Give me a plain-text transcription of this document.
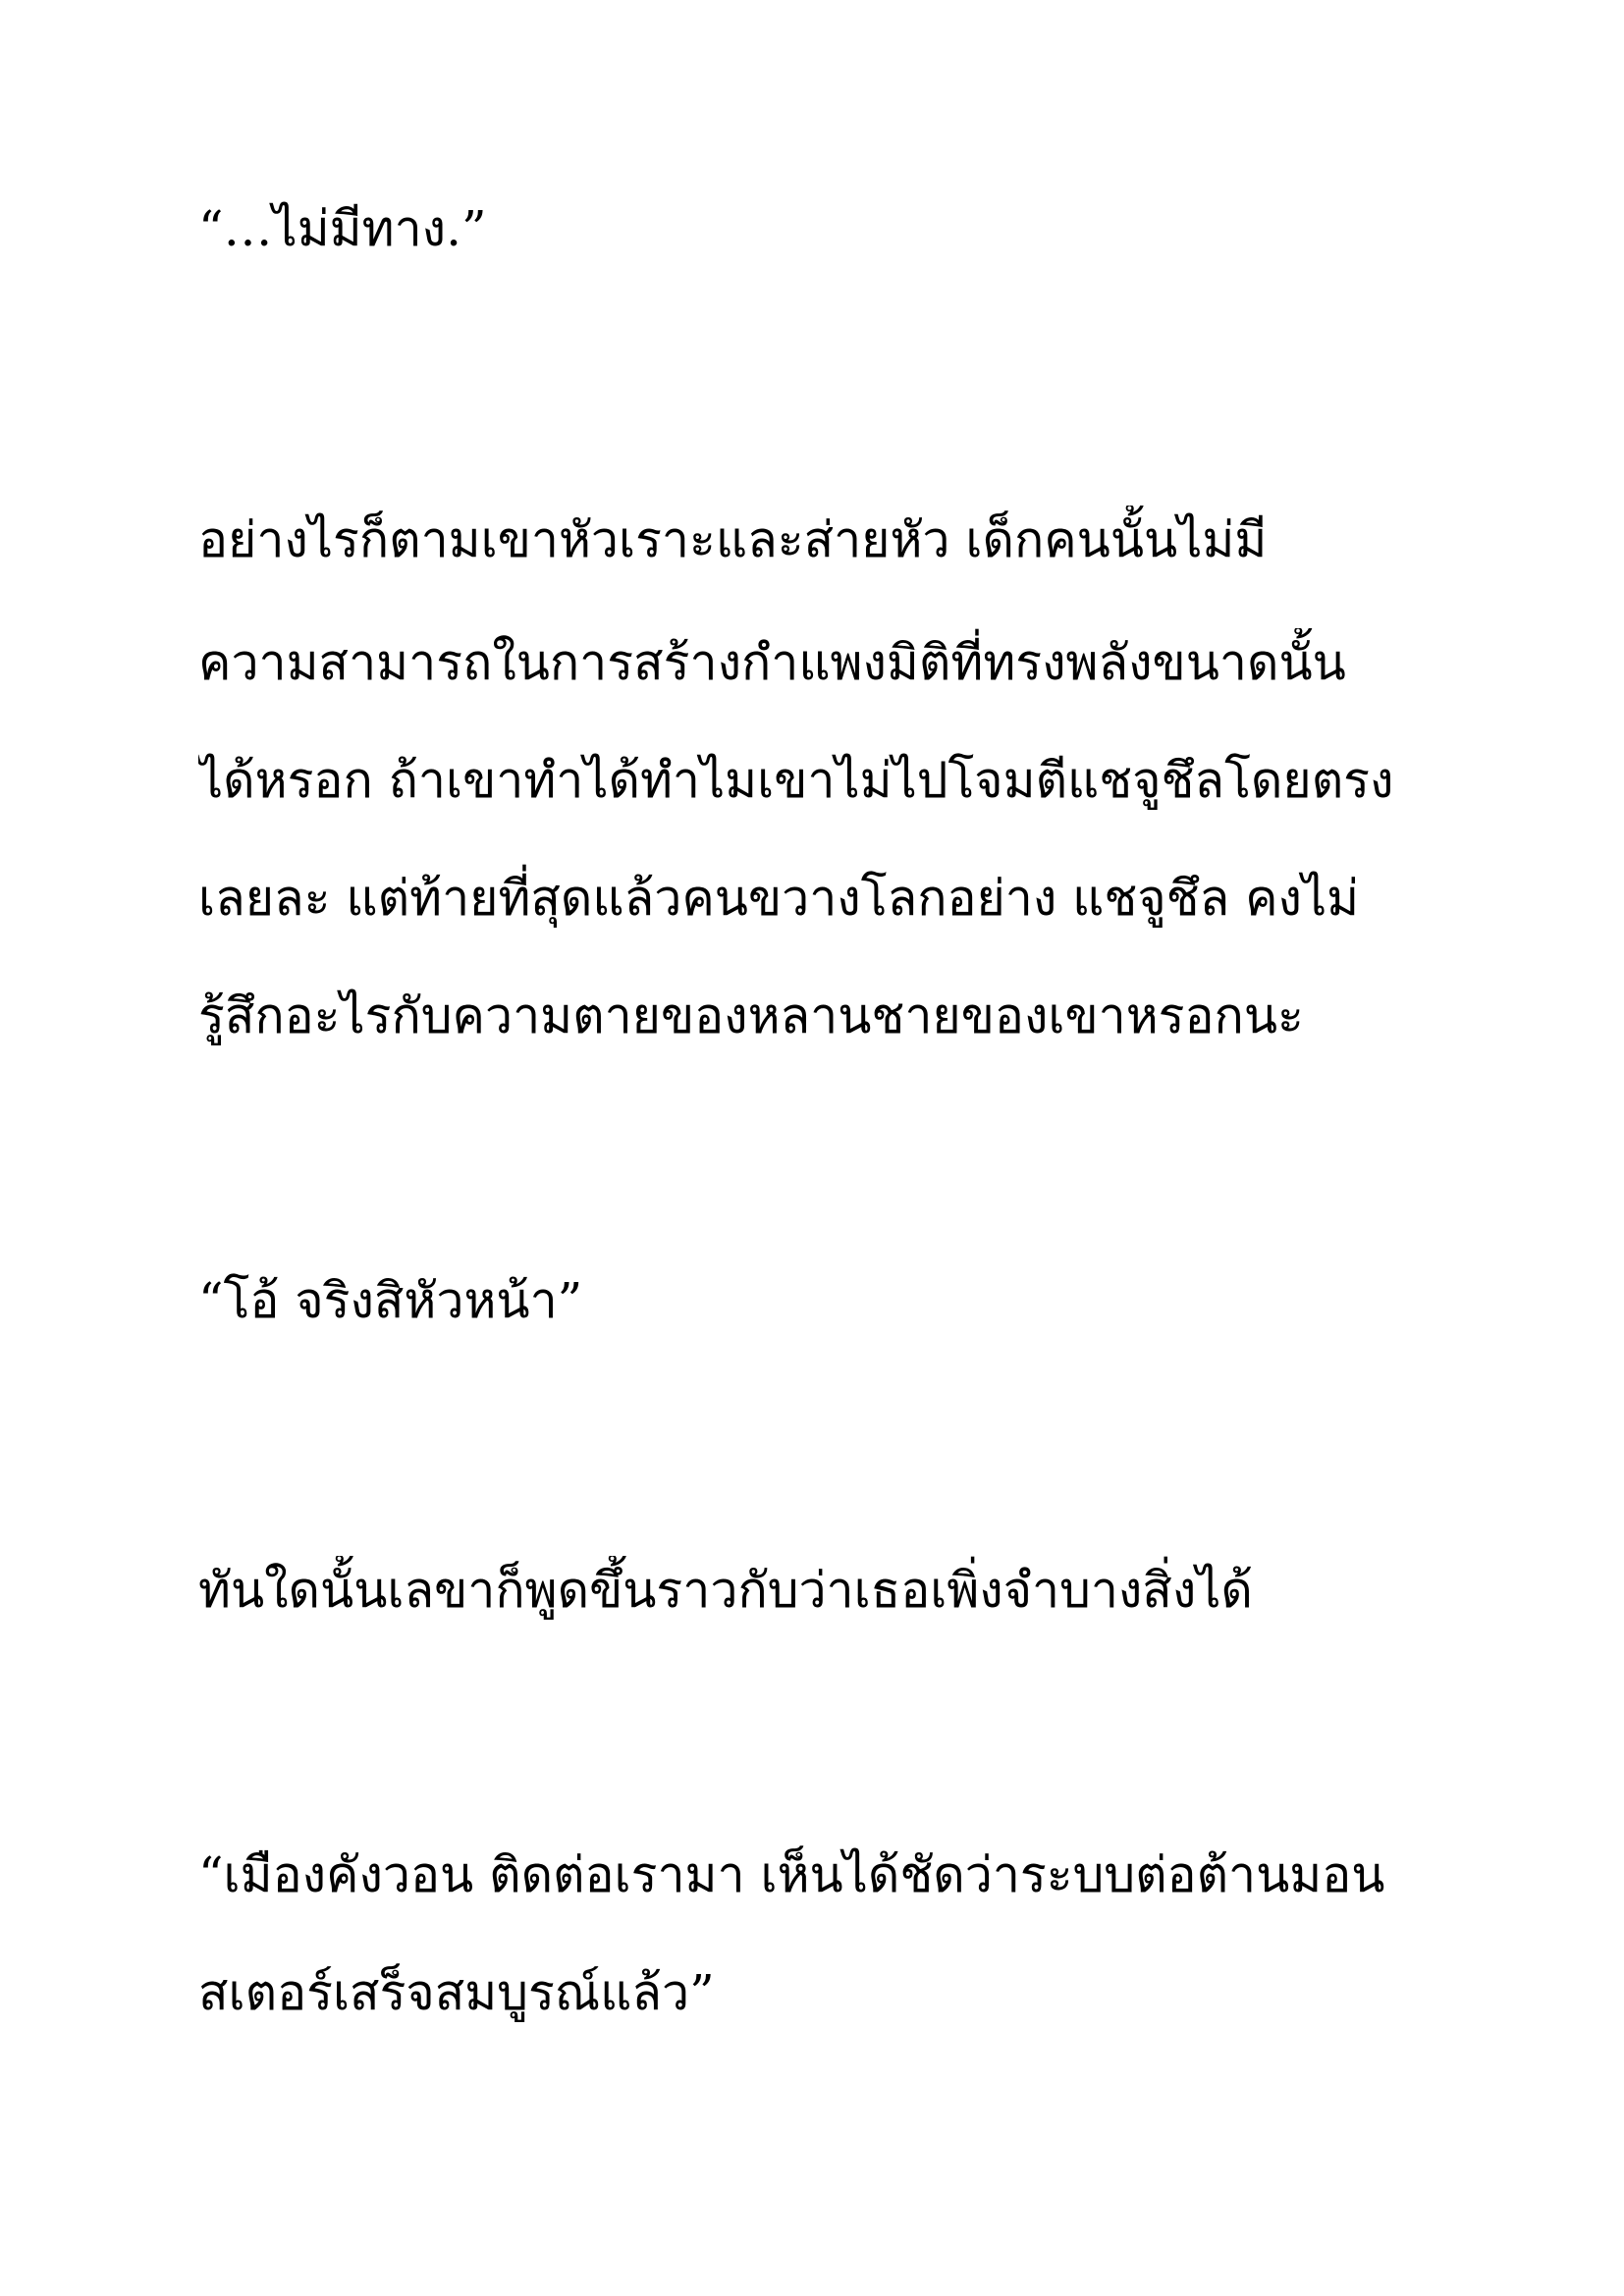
“…ไม่มีทาง.”
อย่างไรก็ตามเขาหัวเราะและส่ายหัว เด็กคนนั้นไม่มี
ความสามารถในการสร้างกำแพงมิติที่ทรงพลังขนาดนั้น
ได้หรอก ถ้าเขาทำได้ทำไมเขาไม่ไปโจมตีแชจูชึลโดยตรง
เลยละ แต่ท้ายที่สุดแล้วคนขวางโลกอย่าง แชจูชึล คงไม่
รู้สึกอะไรกับความตายของหลานชายของเขาหรอกนะ
“โอ้ จริงสิหัวหน้า”
ทันใดนั้นเลขาก็พูดขึ้นราวกับว่าเธอเพิ่งจำบางสิ่งได้
“เมืองคังวอน ติดต่อเรามา เห็นได้ชัดว่าระบบต่อต้านมอน
สเตอร์เสร็จสมบูรณ์แล้ว”
